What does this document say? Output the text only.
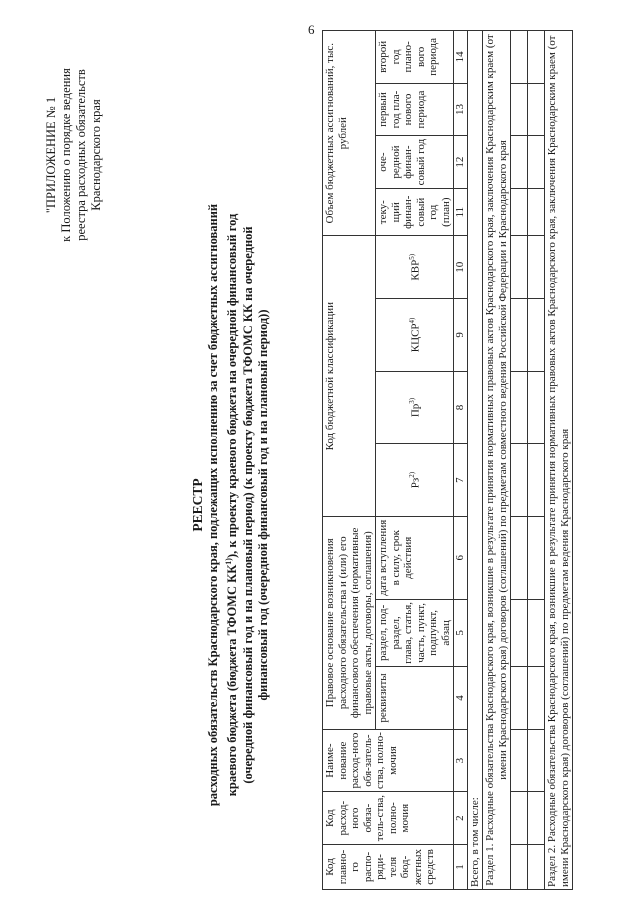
6
"ПРИЛОЖЕНИЕ № 1 к Положению о порядке ведения реестра расходных обязательств Краснодарского края
РЕЕСТР расходных обязательств Краснодарского края, подлежащих исполнению за счет бюджетных ассигнований краевого бюджета (бюджета ТФОМС КК$^{1)}$), к проекту краевого бюджета на очередной финансовый год (очередной финансовый год и на плановый период) (к проекту бюджета ТФОМС КК на очередной финансовый год (очередной финансовый год и на плановый период))
Код главно-го распо-ряди-теля бюд-жетных средств	Код расход-ного обяза-тель-ства, полно-мочия	Наиме-нование расход-ного обя-затель-ства, полно-мочия	Правовое основание возникновения расходного обязательства и (или) его финансового обеспечения (нормативные правовые акты, договоры, соглашения)			Код бюджетной классификации				Объем бюджетных ассигнований, тыс. рублей			
			реквизиты	раздел, под-раздел, глава, статья, часть, пункт, подпункт, абзац	дата вступления в силу, срок действия	$Рз^{2)}$	$Пр^{3)}$	КЦСР$^{4)}$	КВР$^{5)}$	теку-щий финан-совый год (план)	оче-редной финан-совый год	первый год пла-нового периода	второй год плано-вого периода
1	2	3	4	5	6	7	8	9	10	11	12	13	14
Всего, в том числе:													
Раздел 1. Расходные обязательства Краснодарского края, возникшие в результате принятия нормативных правовых актов Краснодарского края, заключения Краснодарским краем (от имени Краснодарского края) договоров (соглашений) по предметам совместного ведения Российской Федерации и Краснодарского края													

Раздел 2. Расходные обязательства Краснодарского края, возникшие в результате принятия нормативных правовых актов Краснодарского края, заключения Краснодарским краем (от имени Краснодарского края) договоров (соглашений) по предметам ведения Краснодарского края													
